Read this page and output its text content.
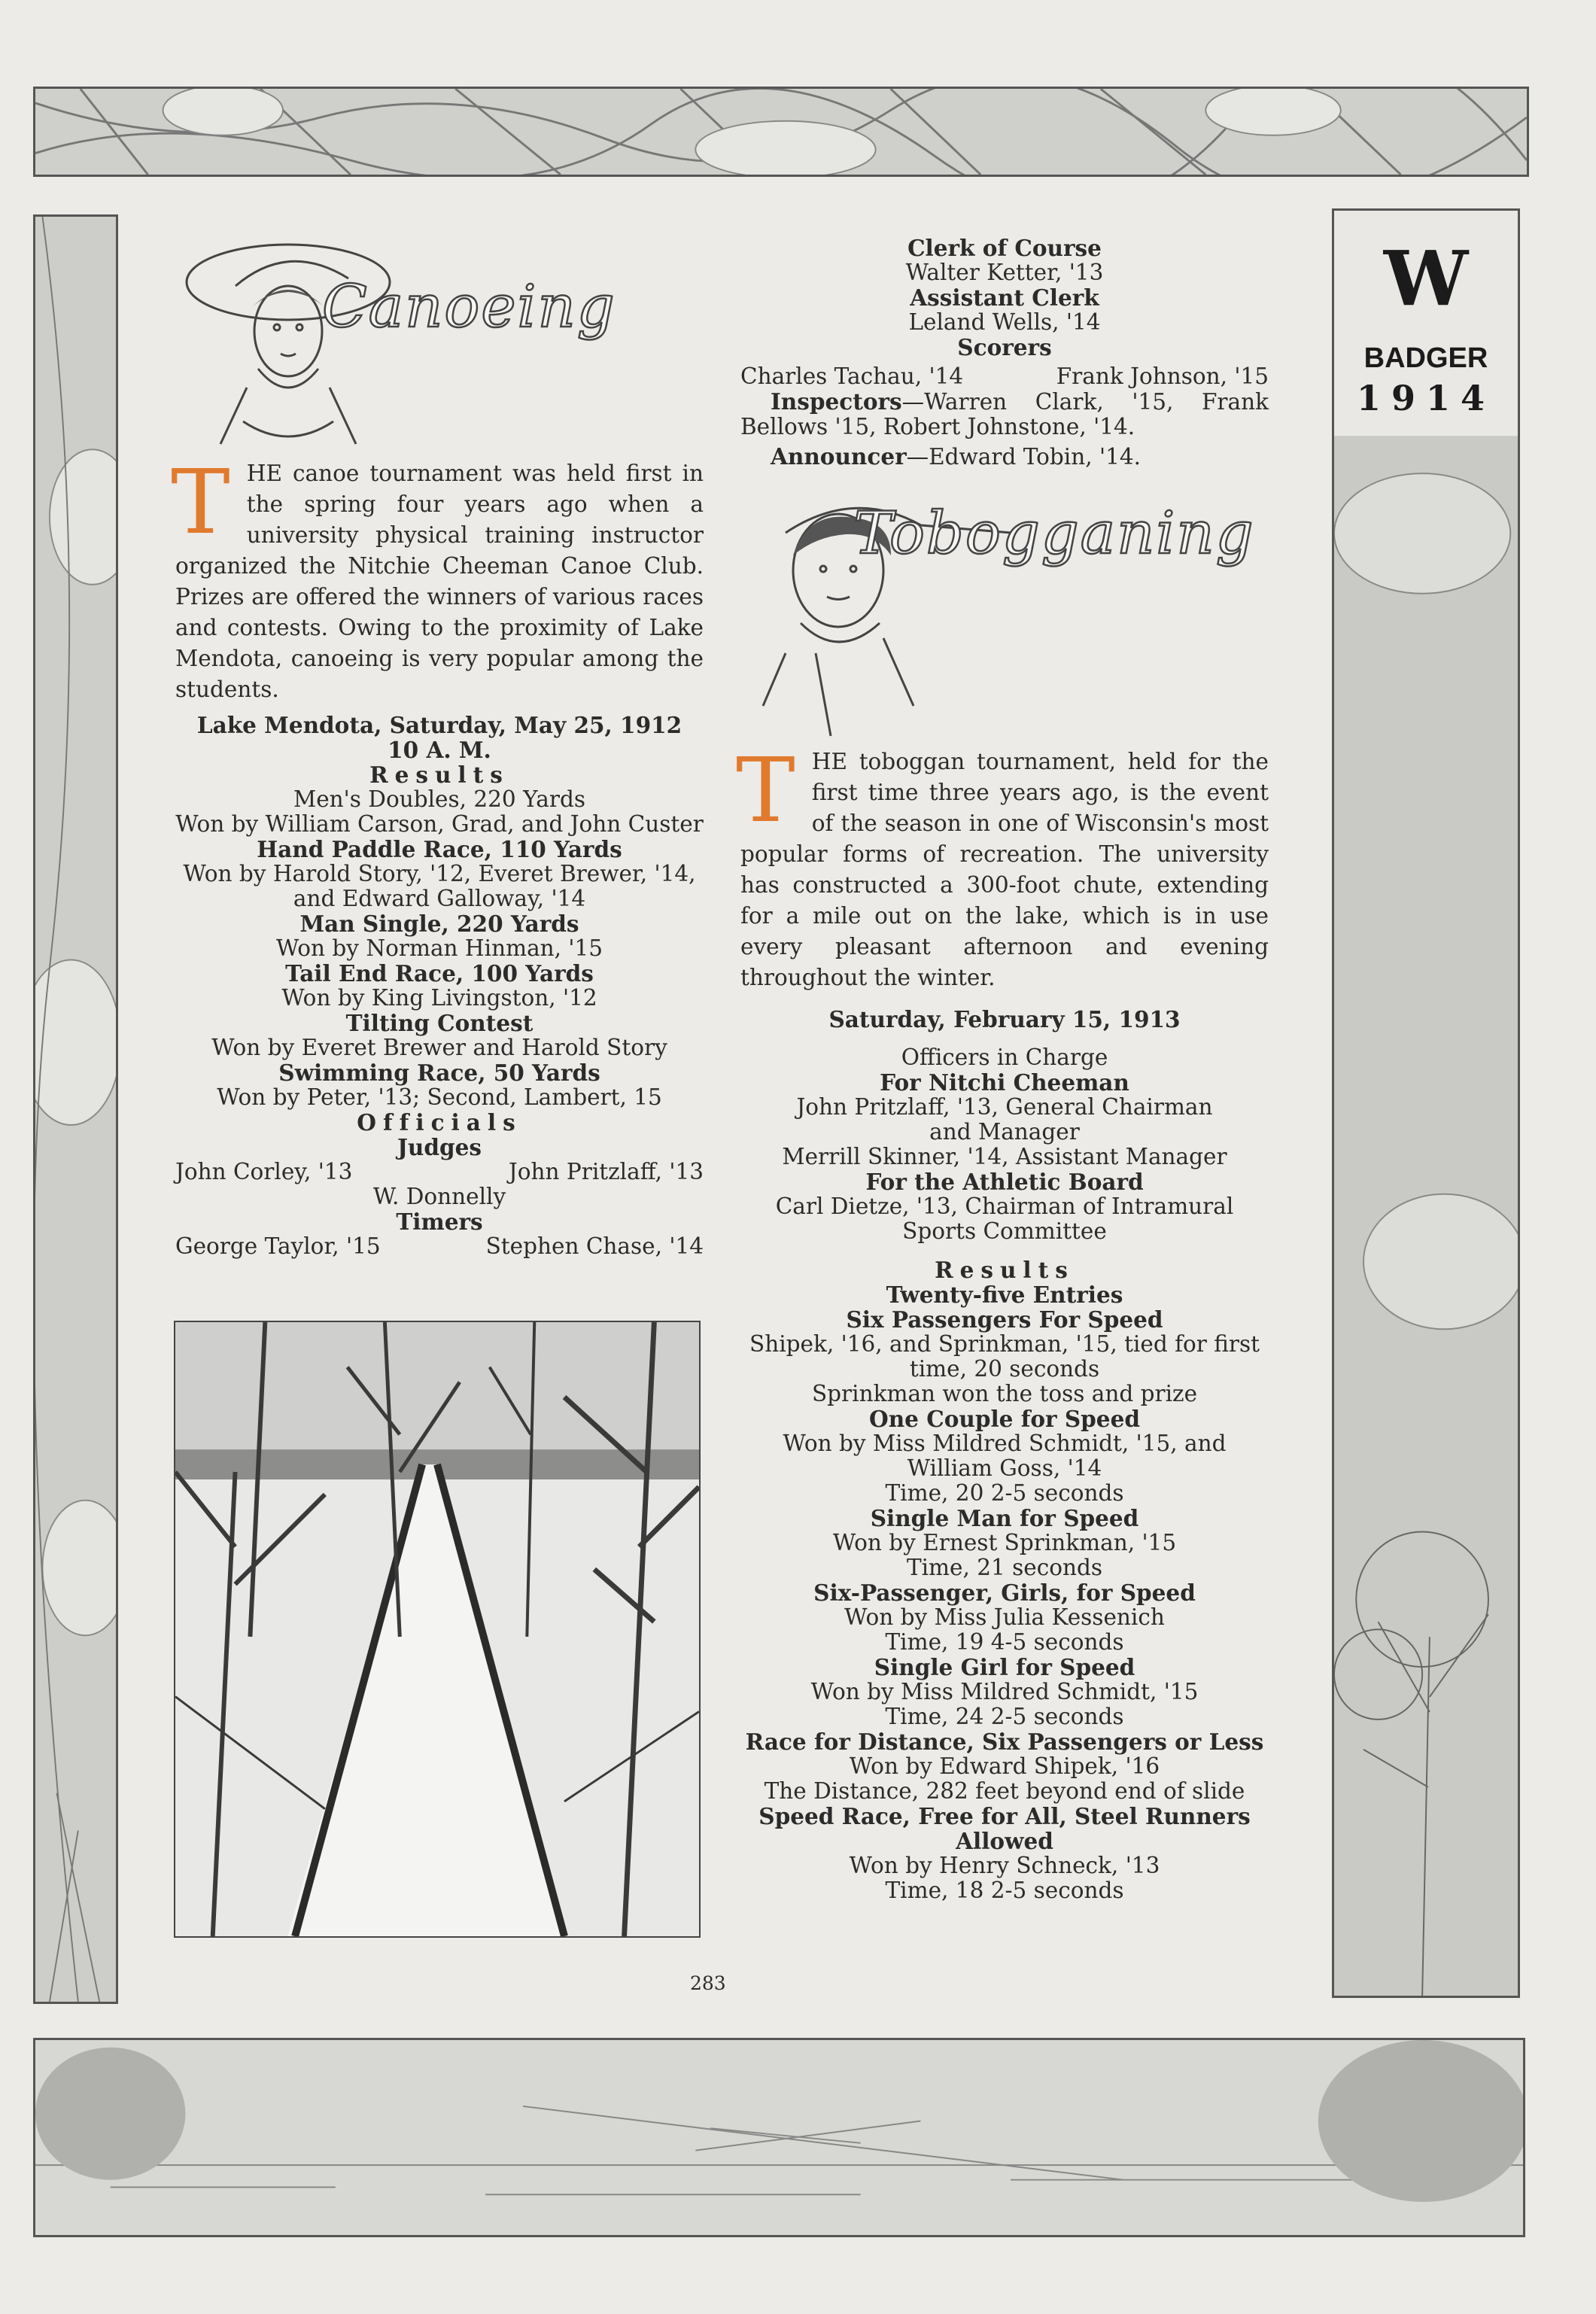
W
BADGER
1914
Canoeing
THE canoe tournament was held first in the spring four years ago when a university physical training instructor organized the Nitchie Cheeman Canoe Club. Prizes are offered the winners of various races and contests. Owing to the proximity of Lake Mendota, canoeing is very popular among the students.
Lake Mendota, Saturday, May 25, 1912
10 A. M.
Results
Men's Doubles, 220 Yards
Won by William Carson, Grad, and John Custer
Hand Paddle Race, 110 Yards
Won by Harold Story, '12, Everet Brewer, '14, and Edward Galloway, '14
Man Single, 220 Yards
Won by Norman Hinman, '15
Tail End Race, 100 Yards
Won by King Livingston, '12
Tilting Contest
Won by Everet Brewer and Harold Story
Swimming Race, 50 Yards
Won by Peter, '13; Second, Lambert, 15
Officials
Judges
John Corley, '13	John Pritzlaff, '13
W. Donnelly
Timers
George Taylor, '15	Stephen Chase, '14
Clerk of Course
Walter Ketter, '13
Assistant Clerk
Leland Wells, '14
Scorers
Charles Tachau, '14	Frank Johnson, '15
Inspectors—Warren Clark, '15, Frank Bellows '15, Robert Johnstone, '14.
Announcer—Edward Tobin, '14.
Tobogganing
THE toboggan tournament, held for the first time three years ago, is the event of the season in one of Wisconsin's most popular forms of recreation. The university has constructed a 300-foot chute, extending for a mile out on the lake, which is in use every pleasant afternoon and evening throughout the winter.
Saturday, February 15, 1913
Officers in Charge
For Nitchi Cheeman
John Pritzlaff, '13, General Chairman
and Manager
Merrill Skinner, '14, Assistant Manager
For the Athletic Board
Carl Dietze, '13, Chairman of Intramural
Sports Committee
Results
Twenty-five Entries
Six Passengers For Speed
Shipek, '16, and Sprinkman, '15, tied for first time, 20 seconds
Sprinkman won the toss and prize
One Couple for Speed
Won by Miss Mildred Schmidt, '15, and William Goss, '14
Time, 20 2-5 seconds
Single Man for Speed
Won by Ernest Sprinkman, '15
Time, 21 seconds
Six-Passenger, Girls, for Speed
Won by Miss Julia Kessenich
Time, 19 4-5 seconds
Single Girl for Speed
Won by Miss Mildred Schmidt, '15
Time, 24 2-5 seconds
Race for Distance, Six Passengers or Less
Won by Edward Shipek, '16
The Distance, 282 feet beyond end of slide
Speed Race, Free for All, Steel Runners Allowed
Won by Henry Schneck, '13
Time, 18 2-5 seconds
283
